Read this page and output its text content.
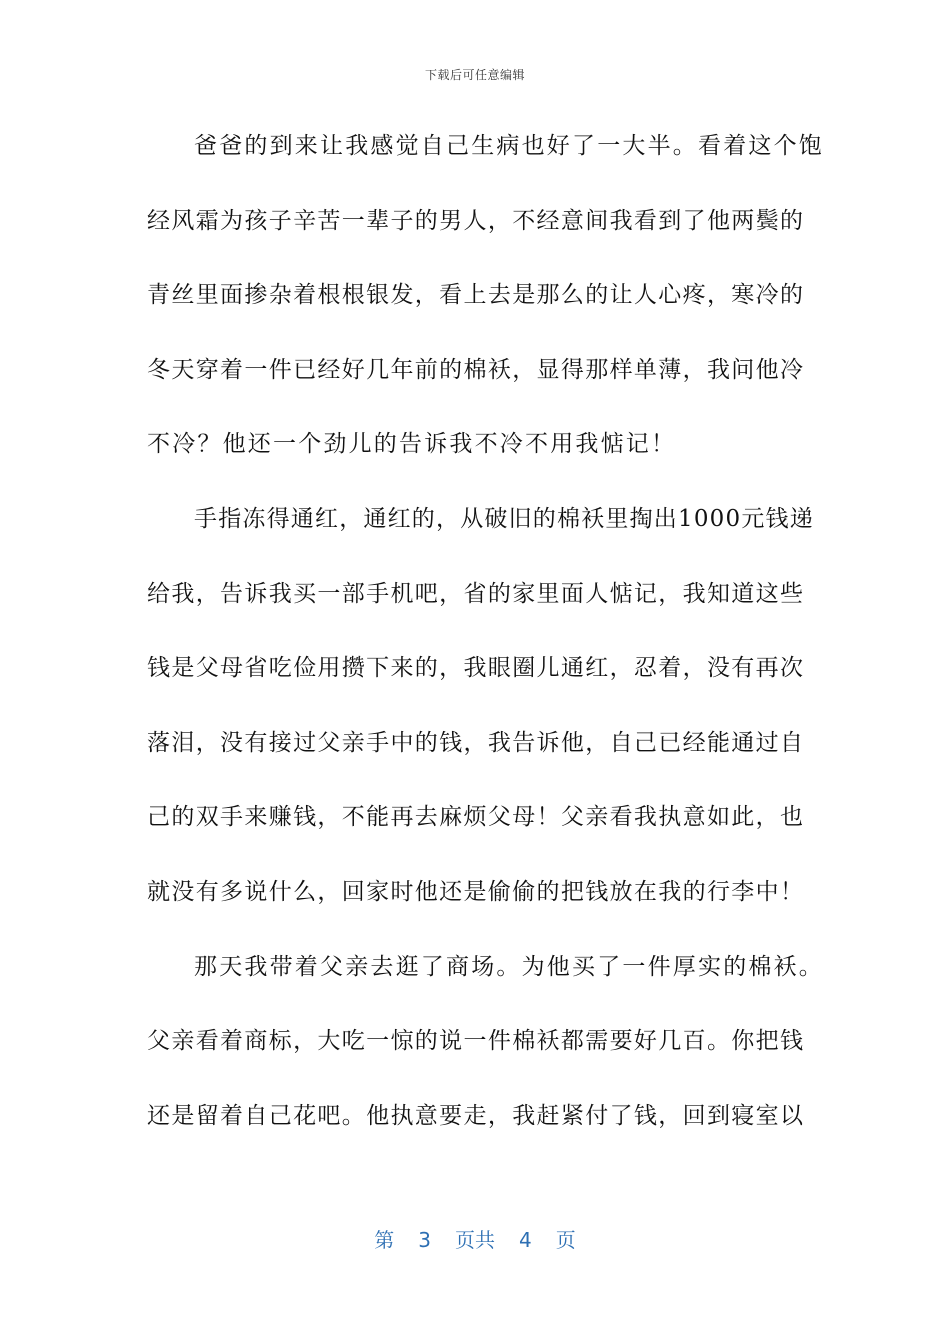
下载后可任意编辑
爸爸的到来让我感觉自己生病也好了一大半。看着这个饱
经风霜为孩子辛苦一辈子的男人，不经意间我看到了他两鬓的
青丝里面掺杂着根根银发，看上去是那么的让人心疼，寒冷的
冬天穿着一件已经好几年前的棉袄，显得那样单薄，我问他冷
不冷？他还一个劲儿的告诉我不冷不用我惦记！
手指冻得通红，通红的，从破旧的棉袄里掏出1000元钱递
给我，告诉我买一部手机吧，省的家里面人惦记，我知道这些
钱是父母省吃俭用攒下来的，我眼圈儿通红，忍着，没有再次
落泪，没有接过父亲手中的钱，我告诉他，自己已经能通过自
己的双手来赚钱，不能再去麻烦父母！父亲看我执意如此，也
就没有多说什么，回家时他还是偷偷的把钱放在我的行李中！
那天我带着父亲去逛了商场。为他买了一件厚实的棉袄。
父亲看着商标，大吃一惊的说一件棉袄都需要好几百。你把钱
还是留着自己花吧。他执意要走，我赶紧付了钱，回到寝室以
第 3 页共 4 页
